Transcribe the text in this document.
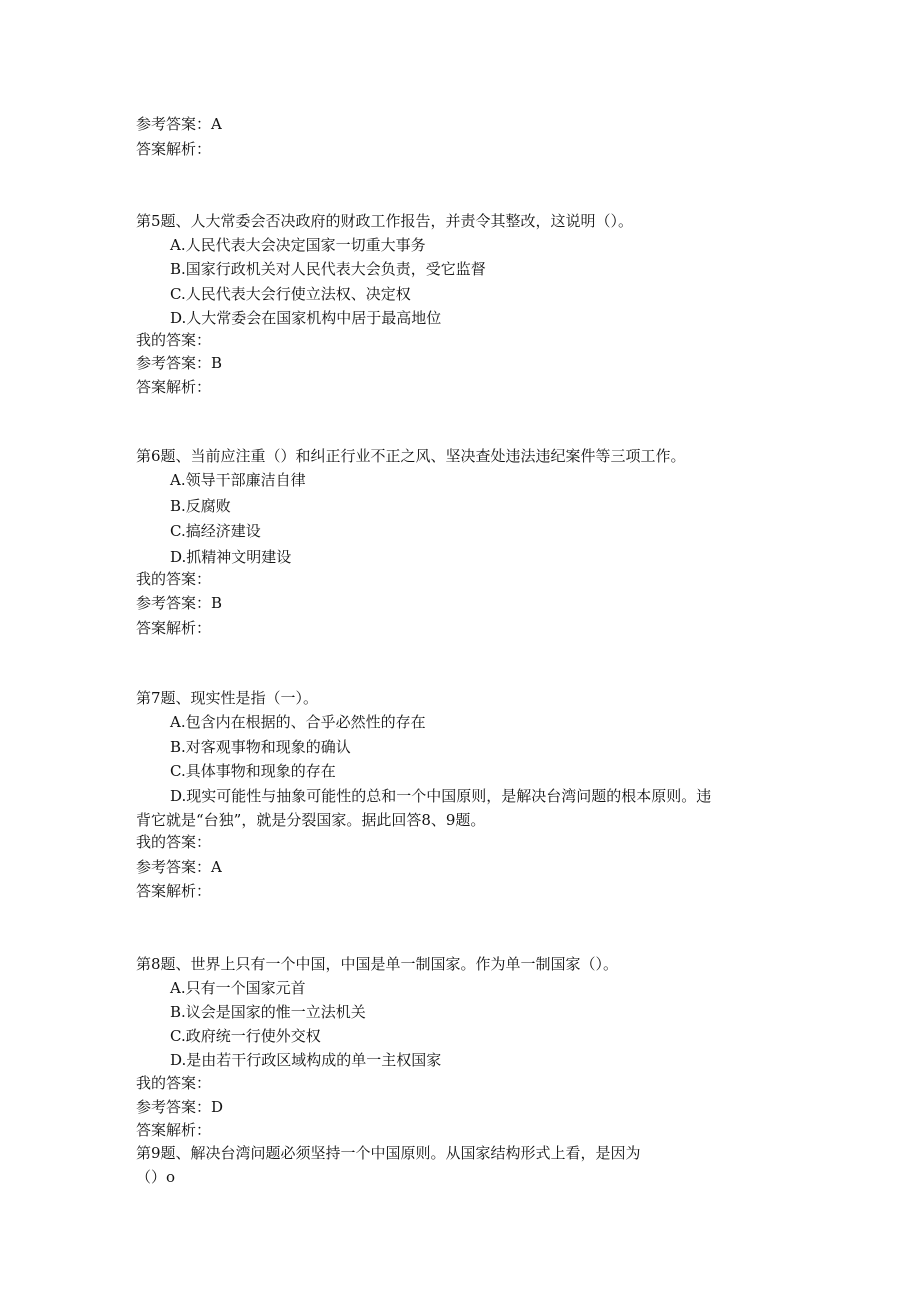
参考答案：A
答案解析：
第5题、人大常委会否决政府的财政工作报告，并责令其整改，这说明（）。
A.人民代表大会决定国家一切重大事务
B.国家行政机关对人民代表大会负责，受它监督
C.人民代表大会行使立法权、决定权
D.人大常委会在国家机构中居于最高地位
我的答案：
参考答案：B
答案解析：
第6题、当前应注重（）和纠正行业不正之风、坚决查处违法违纪案件等三项工作。
A.领导干部廉洁自律
B.反腐败
C.搞经济建设
D.抓精神文明建设
我的答案：
参考答案：B
答案解析：
第7题、现实性是指（一）。
A.包含内在根据的、合乎必然性的存在
B.对客观事物和现象的确认
C.具体事物和现象的存在
D.现实可能性与抽象可能性的总和一个中国原则，是解决台湾问题的根本原则。违
背它就是“台独”，就是分裂国家。据此回答8、9题。
我的答案：
参考答案：A
答案解析：
第8题、世界上只有一个中国，中国是单一制国家。作为单一制国家（）。
A.只有一个国家元首
B.议会是国家的惟一立法机关
C.政府统一行使外交权
D.是由若干行政区域构成的单一主权国家
我的答案：
参考答案：D
答案解析：
第9题、解决台湾问题必须坚持一个中国原则。从国家结构形式上看，是因为
（）o
